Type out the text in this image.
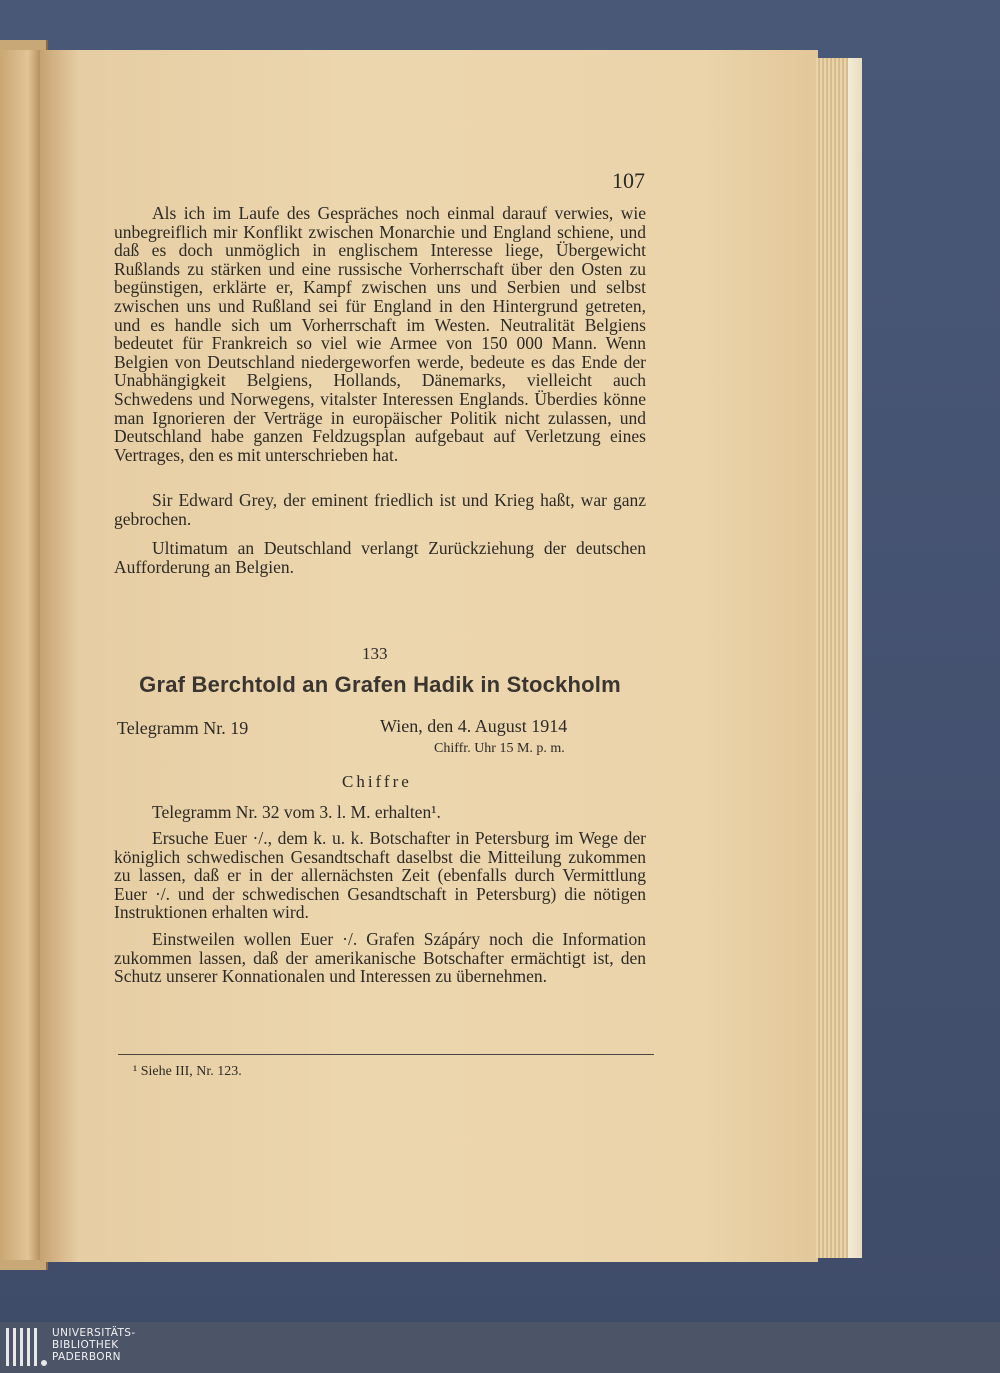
107
Als ich im Laufe des Gespräches noch einmal darauf verwies, wie unbegreiflich mir Konflikt zwischen Monarchie und England schiene, und daß es doch unmöglich in englischem Interesse liege, Übergewicht Rußlands zu stärken und eine russische Vorherrschaft über den Osten zu begünstigen, erklärte er, Kampf zwischen uns und Serbien und selbst zwischen uns und Rußland sei für England in den Hintergrund getreten, und es handle sich um Vorherrschaft im Westen. Neutralität Belgiens bedeutet für Frankreich so viel wie Armee von 150 000 Mann. Wenn Belgien von Deutschland niedergeworfen werde, bedeute es das Ende der Unabhängigkeit Belgiens, Hollands, Dänemarks, vielleicht auch Schwedens und Norwegens, vitalster Interessen Englands. Überdies könne man Ignorieren der Verträge in europäischer Politik nicht zulassen, und Deutschland habe ganzen Feldzugsplan aufgebaut auf Verletzung eines Vertrages, den es mit unterschrieben hat.
Sir Edward Grey, der eminent friedlich ist und Krieg haßt, war ganz gebrochen.
Ultimatum an Deutschland verlangt Zurückziehung der deutschen Aufforderung an Belgien.
133
Graf Berchtold an Grafen Hadik in Stockholm
Telegramm Nr. 19	Wien, den 4. August 1914
Chiffr. Uhr 15 M. p. m.
Chiffre
Telegramm Nr. 32 vom 3. l. M. erhalten¹.
Ersuche Euer ·/., dem k. u. k. Botschafter in Petersburg im Wege der königlich schwedischen Gesandtschaft daselbst die Mitteilung zukommen zu lassen, daß er in der allernächsten Zeit (ebenfalls durch Vermittlung Euer ·/. und der schwedischen Gesandtschaft in Petersburg) die nötigen Instruktionen erhalten wird.
Einstweilen wollen Euer ·/. Grafen Szápáry noch die Information zukommen lassen, daß der amerikanische Botschafter ermächtigt ist, den Schutz unserer Konnationalen und Interessen zu übernehmen.
¹ Siehe III, Nr. 123.
UNIVERSITÄTS-
BIBLIOTHEK
PADERBORN
